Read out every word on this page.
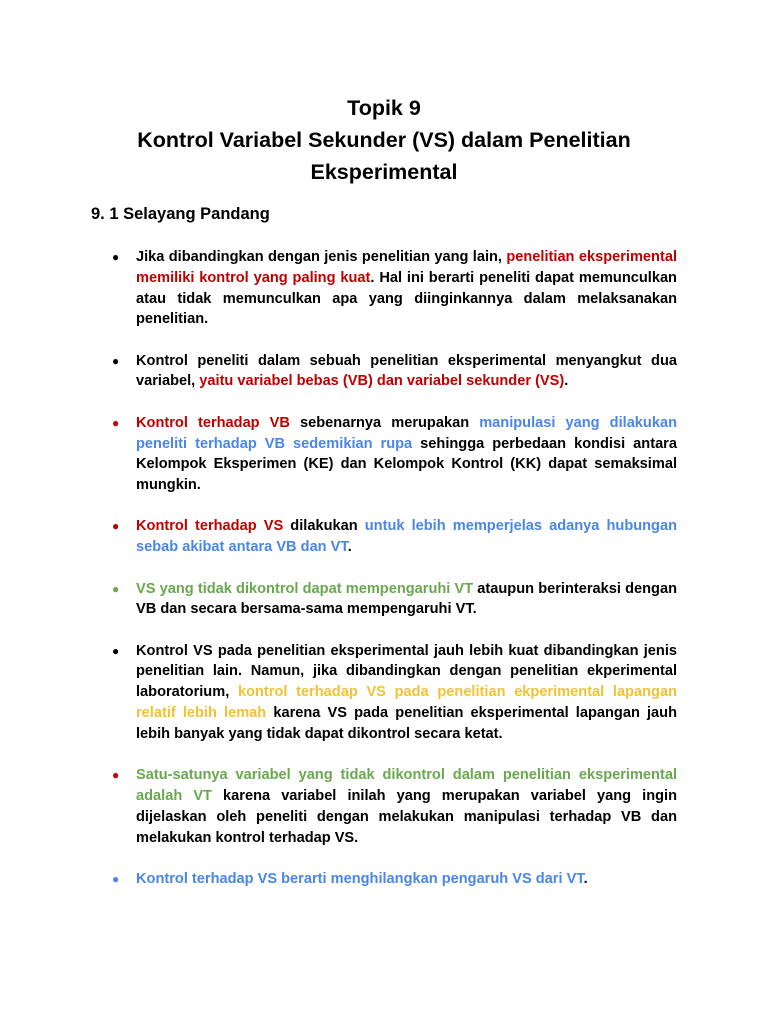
Topik 9

Kontrol Variabel Sekunder (VS) dalam Penelitian

Eksperimental

9. 1 Selayang Pandang
● Jika dibandingkan dengan jenis penelitian yang lain, penelitian eksperimental memiliki kontrol yang paling kuat. Hal ini berarti peneliti dapat memunculkan atau tidak memunculkan apa yang diinginkannya dalam melaksanakan penelitian.
● Kontrol peneliti dalam sebuah penelitian eksperimental menyangkut dua variabel, yaitu variabel bebas (VB) dan variabel sekunder (VS).
● Kontrol terhadap VB sebenarnya merupakan manipulasi yang dilakukan peneliti terhadap VB sedemikian rupa sehingga perbedaan kondisi antara Kelompok Eksperimen (KE) dan Kelompok Kontrol (KK) dapat semaksimal mungkin.
● Kontrol terhadap VS dilakukan untuk lebih memperjelas adanya hubungan sebab akibat antara VB dan VT.
● VS yang tidak dikontrol dapat mempengaruhi VT ataupun berinteraksi dengan VB dan secara bersama-sama mempengaruhi VT.
● Kontrol VS pada penelitian eksperimental jauh lebih kuat dibandingkan jenis penelitian lain. Namun, jika dibandingkan dengan penelitian ekperimental laboratorium, kontrol terhadap VS pada penelitian ekperimental lapangan relatif lebih lemah karena VS pada penelitian eksperimental lapangan jauh lebih banyak yang tidak dapat dikontrol secara ketat.
● Satu-satunya variabel yang tidak dikontrol dalam penelitian eksperimental adalah VT karena variabel inilah yang merupakan variabel yang ingin dijelaskan oleh peneliti dengan melakukan manipulasi terhadap VB dan melakukan kontrol terhadap VS.
● Kontrol terhadap VS berarti menghilangkan pengaruh VS dari VT.
